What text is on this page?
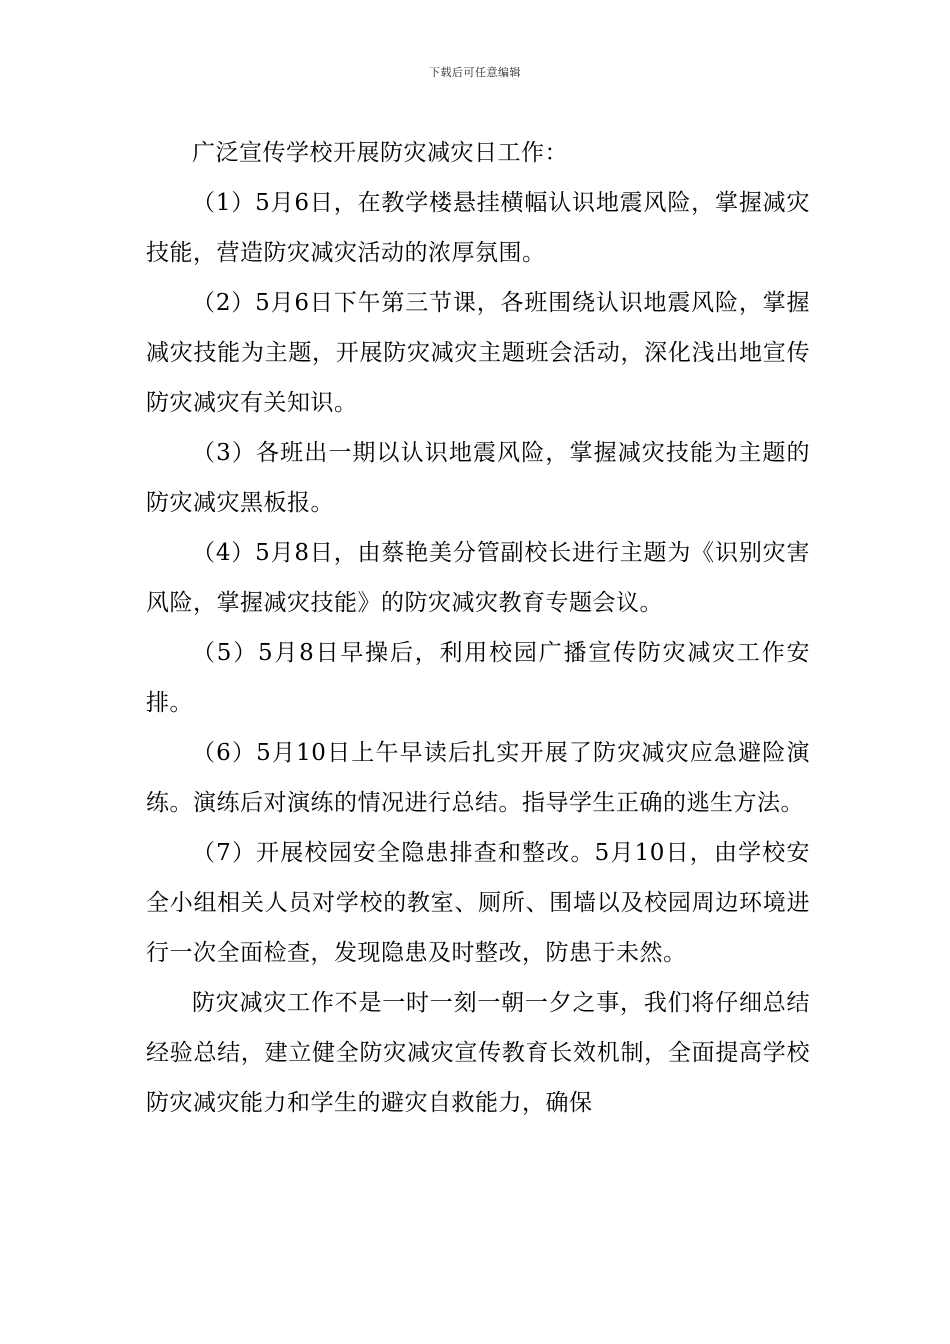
下载后可任意编辑

广泛宣传学校开展防灾减灾日工作：

（1）5月6日，在教学楼悬挂横幅认识地震风险，掌握减灾技能，营造防灾减灾活动的浓厚氛围。

（2）5月6日下午第三节课，各班围绕认识地震风险，掌握减灾技能为主题，开展防灾减灾主题班会活动，深化浅出地宣传防灾减灾有关知识。

（3）各班出一期以认识地震风险，掌握减灾技能为主题的防灾减灾黑板报。

（4）5月8日，由蔡艳美分管副校长进行主题为《识别灾害风险，掌握减灾技能》的防灾减灾教育专题会议。

（5）5月8日早操后，利用校园广播宣传防灾减灾工作安排。

（6）5月10日上午早读后扎实开展了防灾减灾应急避险演练。演练后对演练的情况进行总结。指导学生正确的逃生方法。

（7）开展校园安全隐患排查和整改。5月10日，由学校安全小组相关人员对学校的教室、厕所、围墙以及校园周边环境进行一次全面检查，发现隐患及时整改，防患于未然。

防灾减灾工作不是一时一刻一朝一夕之事，我们将仔细总结经验总结，建立健全防灾减灾宣传教育长效机制，全面提高学校防灾减灾能力和学生的避灾自救能力，确保
